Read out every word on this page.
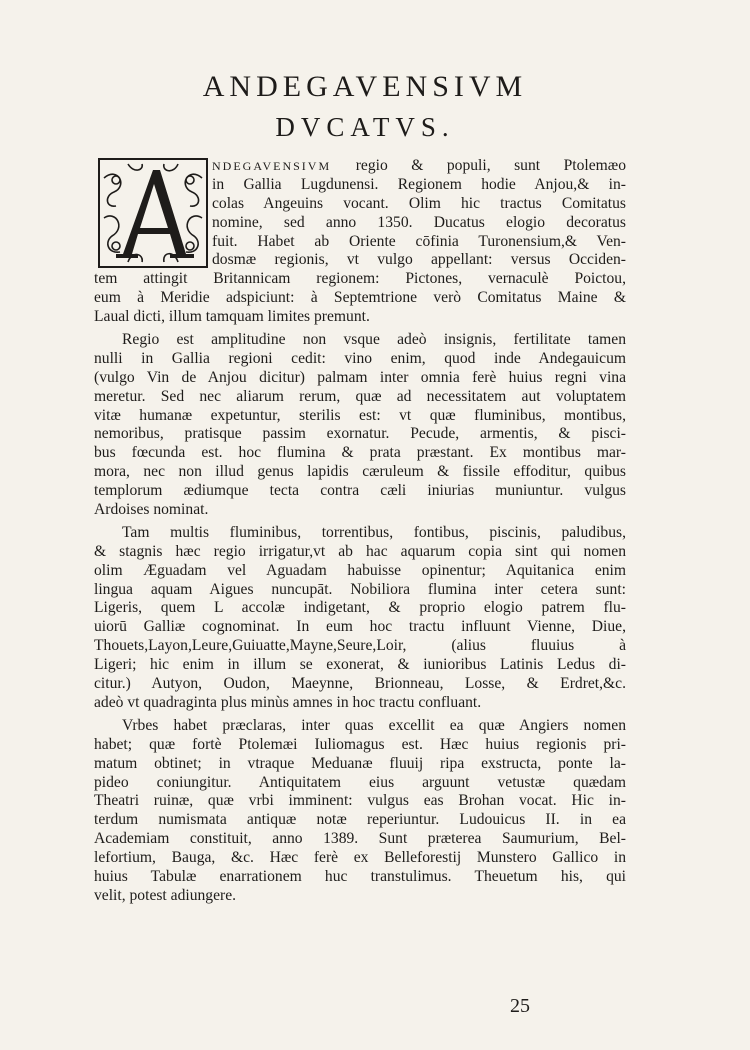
ANDEGAVENSIVM
DVCATVS.
NDEGAVENSIVM regio & populi, sunt Ptolemæo
in Gallia Lugdunensi. Regionem hodie Anjou,& in-
colas Angeuins vocant. Olim hic tractus Comitatus
nomine, sed anno 1350. Ducatus elogio decoratus
fuit. Habet ab Oriente cōfinia Turonensium,& Ven-
dosmæ regionis, vt vulgo appellant: versus Occiden-
tem attingit Britannicam regionem: Pictones, vernaculè Poictou,
eum à Meridie adspiciunt: à Septemtrione verò Comitatus Maine &
Laual dicti, illum tamquam limites premunt.
Regio est amplitudine non vsque adeò insignis, fertilitate tamen
nulli in Gallia regioni cedit: vino enim, quod inde Andegauicum
(vulgo Vin de Anjou dicitur) palmam inter omnia ferè huius regni vina
meretur. Sed nec aliarum rerum, quæ ad necessitatem aut voluptatem
vitæ humanæ expetuntur, sterilis est: vt quæ fluminibus, montibus,
nemoribus, pratisque passim exornatur. Pecude, armentis, & pisci-
bus fœcunda est. hoc flumina & prata præstant. Ex montibus mar-
mora, nec non illud genus lapidis cæruleum & fissile effoditur, quibus
templorum ædiumque tecta contra cæli iniurias muniuntur. vulgus
Ardoises nominat.
Tam multis fluminibus, torrentibus, fontibus, piscinis, paludibus,
& stagnis hæc regio irrigatur,vt ab hac aquarum copia sint qui nomen
olim Æguadam vel Aguadam habuisse opinentur; Aquitanica enim
lingua aquam Aigues nuncupāt. Nobiliora flumina inter cetera sunt:
Ligeris, quem L accolæ indigetant, & proprio elogio patrem flu-
uiorū Galliæ cognominat. In eum hoc tractu influunt Vienne, Diue,
Thouets,Layon,Leure,Guiuatte,Mayne,Seure,Loir, (alius fluuius à
Ligeri; hic enim in illum se exonerat, & iunioribus Latinis Ledus di-
citur.) Autyon, Oudon, Maeynne, Brionneau, Losse, & Erdret,&c.
adeò vt quadraginta plus minùs amnes in hoc tractu confluant.
Vrbes habet præclaras, inter quas excellit ea quæ Angiers nomen
habet; quæ fortè Ptolemæi Iuliomagus est. Hæc huius regionis pri-
matum obtinet; in vtraque Meduanæ fluuij ripa exstructa, ponte la-
pideo coniungitur. Antiquitatem eius arguunt vetustæ quædam
Theatri ruinæ, quæ vrbi imminent: vulgus eas Brohan vocat. Hic in-
terdum numismata antiquæ notæ reperiuntur. Ludouicus II. in ea
Academiam constituit, anno 1389. Sunt præterea Saumurium, Bel-
lefortium, Bauga, &c. Hæc ferè ex Belleforestij Munstero Gallico in
huius Tabulæ enarrationem huc transtulimus. Theuetum his, qui
velit, potest adiungere.
25
